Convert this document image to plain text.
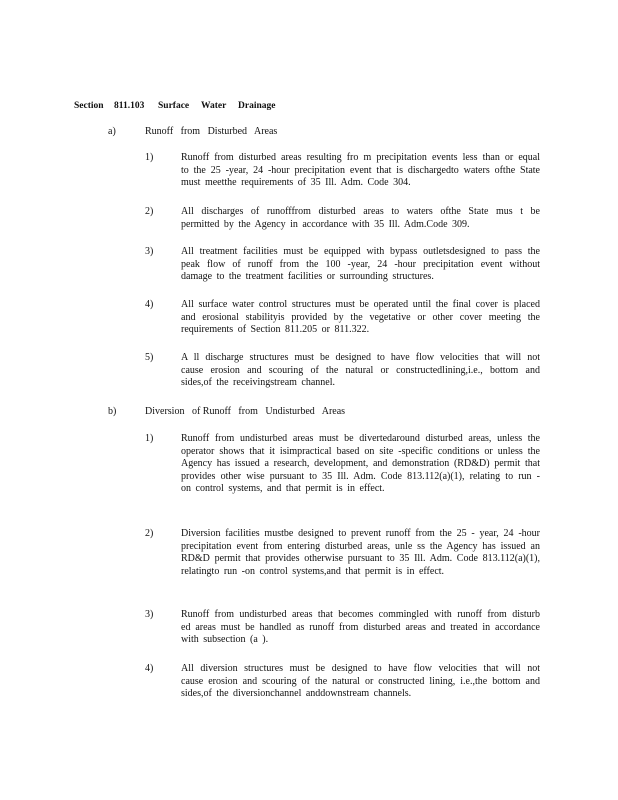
Section	811.103	Surface	Water	Drainage
a)	Runoff   from   Disturbed   Areas
1)	Runoff from disturbed areas resulting fro m precipitation events less than or equal to the 25 -year, 24 -hour precipitation event that is dischargedto waters ofthe State must meetthe requirements of 35 Ill. Adm. Code 304.
2)	All discharges of runofffrom disturbed areas to waters ofthe State mus t be permitted by the Agency in accordance with 35 Ill. Adm.Code 309.
3)	All treatment facilities must be equipped with bypass outletsdesigned to pass the peak flow of runoff from the 100 -year, 24 -hour precipitation event without damage to the treatment facilities or surrounding structures.
4)	All surface water control structures must be operated until the final cover is placed and erosional stabilityis provided by the vegetative or other cover meeting the requirements of Section 811.205 or 811.322.
5)	A ll discharge structures must be designed to have flow velocities that will not cause erosion and scouring of the natural or constructedlining,i.e., bottom and sides,of the receivingstream channel.
b)	Diversion   of Runoff   from   Undisturbed   Areas
1)	Runoff from undisturbed areas must be divertedaround disturbed areas, unless the operator shows that it isimpractical based on site -specific conditions or unless the Agency has issued a research, development, and demonstration (RD&D) permit that provides other wise pursuant to 35 Ill. Adm. Code 813.112(a)(1), relating to run -on control systems, and that permit is in effect.
2)	Diversion facilities mustbe designed to prevent runoff from the 25 - year, 24 -hour precipitation event from entering disturbed areas, unle ss the Agency has issued an RD&D permit that provides otherwise pursuant to 35 Ill. Adm. Code 813.112(a)(1), relatingto run -on control systems,and that permit is in effect.
3)	Runoff from undisturbed areas that becomes commingled with runoff from disturb ed areas must be handled as runoff from disturbed areas and treated in accordance with subsection (a ).
4)	All diversion structures must be designed to have flow velocities that will not cause erosion and scouring of the natural or constructed lining, i.e.,the bottom and sides,of the diversionchannel anddownstream channels.
